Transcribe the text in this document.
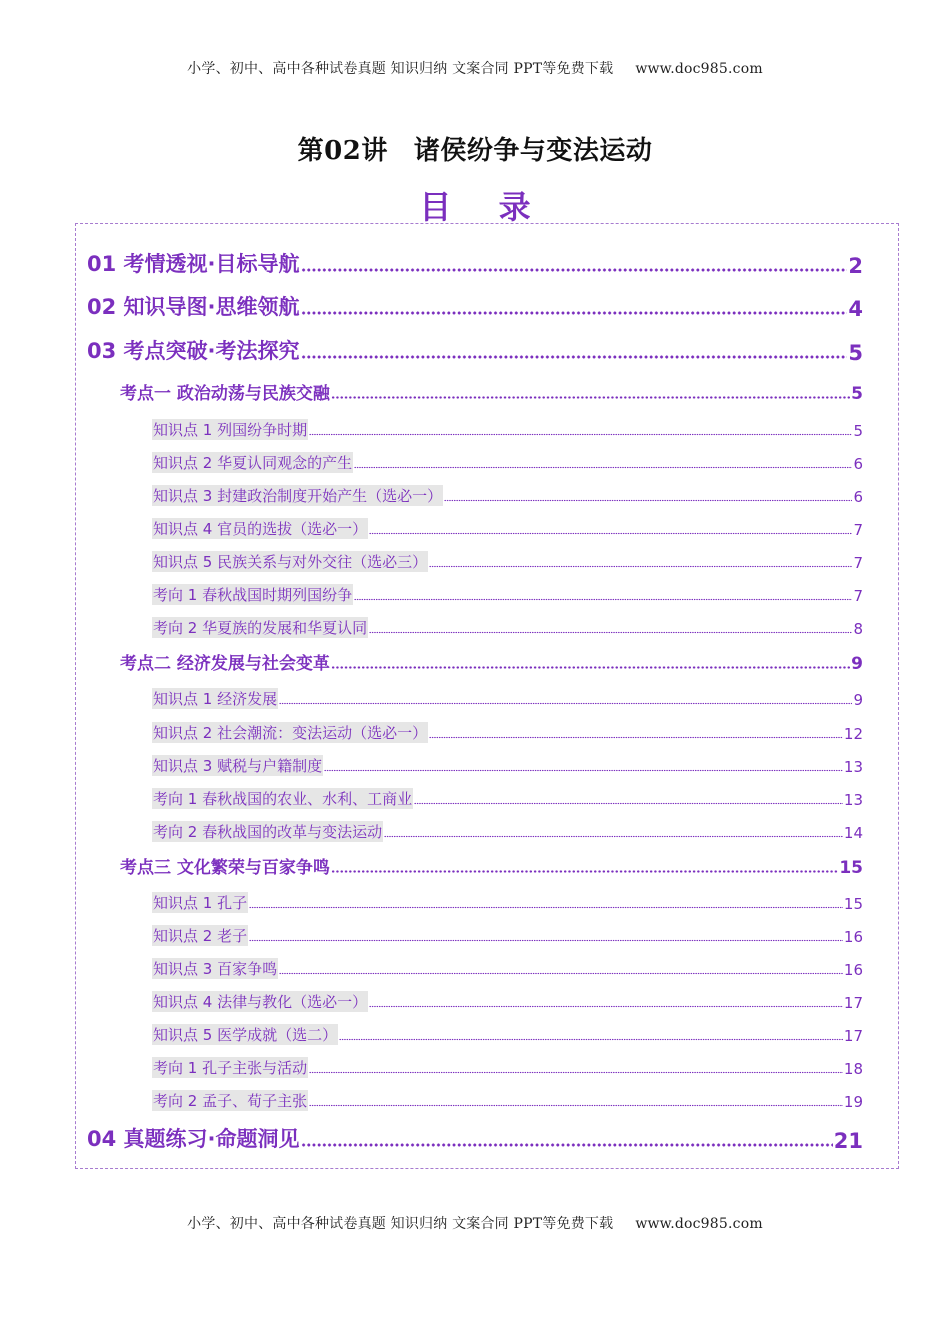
小学、初中、高中各种试卷真题 知识归纳 文案合同 PPT等免费下载 www.doc985.com
第02讲 诸侯纷争与变法运动
目 录
01 考情透视·目标导航	2
02 知识导图·思维领航	4
03 考点突破·考法探究	5
考点一 政治动荡与民族交融	5
知识点 1 列国纷争时期	5
知识点 2 华夏认同观念的产生	6
知识点 3 封建政治制度开始产生（选必一）	6
知识点 4 官员的选拔（选必一）	7
知识点 5 民族关系与对外交往（选必三）	7
考向 1 春秋战国时期列国纷争	7
考向 2 华夏族的发展和华夏认同	8
考点二 经济发展与社会变革	9
知识点 1 经济发展	9
知识点 2 社会潮流：变法运动（选必一）	12
知识点 3 赋税与户籍制度	13
考向 1 春秋战国的农业、水利、工商业	13
考向 2 春秋战国的改革与变法运动	14
考点三 文化繁荣与百家争鸣	15
知识点 1 孔子	15
知识点 2 老子	16
知识点 3 百家争鸣	16
知识点 4 法律与教化（选必一）	17
知识点 5 医学成就（选二）	17
考向 1 孔子主张与活动	18
考向 2 孟子、荀子主张	19
04 真题练习·命题洞见	21
小学、初中、高中各种试卷真题 知识归纳 文案合同 PPT等免费下载 www.doc985.com
